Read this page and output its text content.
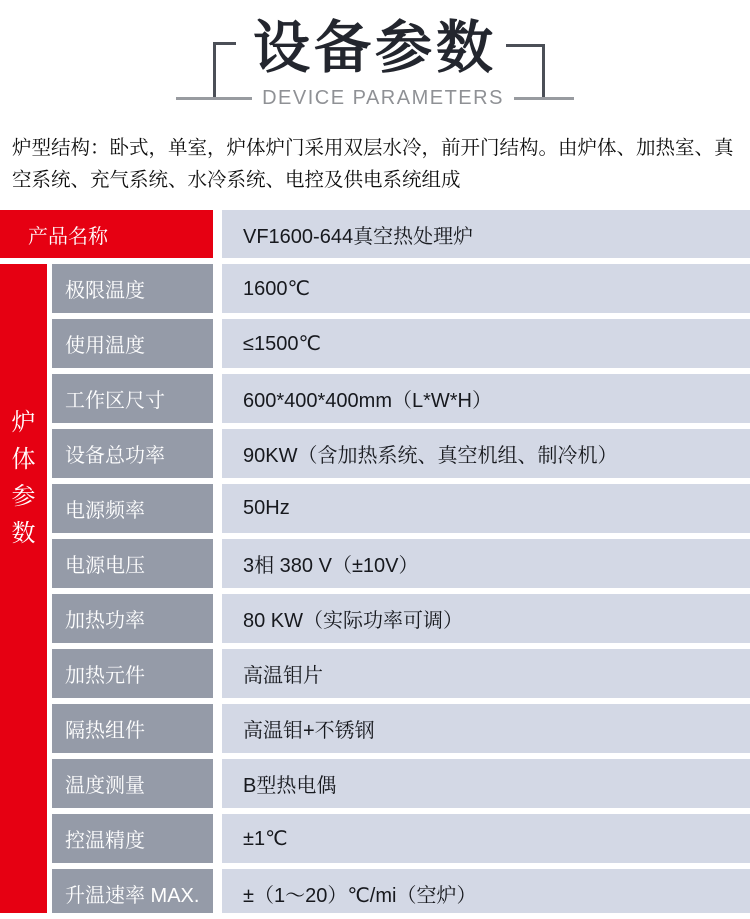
设备参数
DEVICE PARAMETERS

炉型结构：卧式，单室，炉体炉门采用双层水冷，前开门结构。由炉体、加热室、真空系统、充气系统、水冷系统、电控及供电系统组成

产品名称	VF1600-644真空热处理炉
炉
体
参
数
极限温度	1600℃
使用温度	≤1500℃
工作区尺寸	600*400*400mm（L*W*H）
设备总功率	90KW（含加热系统、真空机组、制冷机）
电源频率	50Hz
电源电压	3相 380 V（±10V）
加热功率	80 KW（实际功率可调）
加热元件	高温钼片
隔热组件	高温钼+不锈钢
温度测量	B型热电偶
控温精度	±1℃
升温速率 MAX.	±（1～20）℃/mi（空炉）
